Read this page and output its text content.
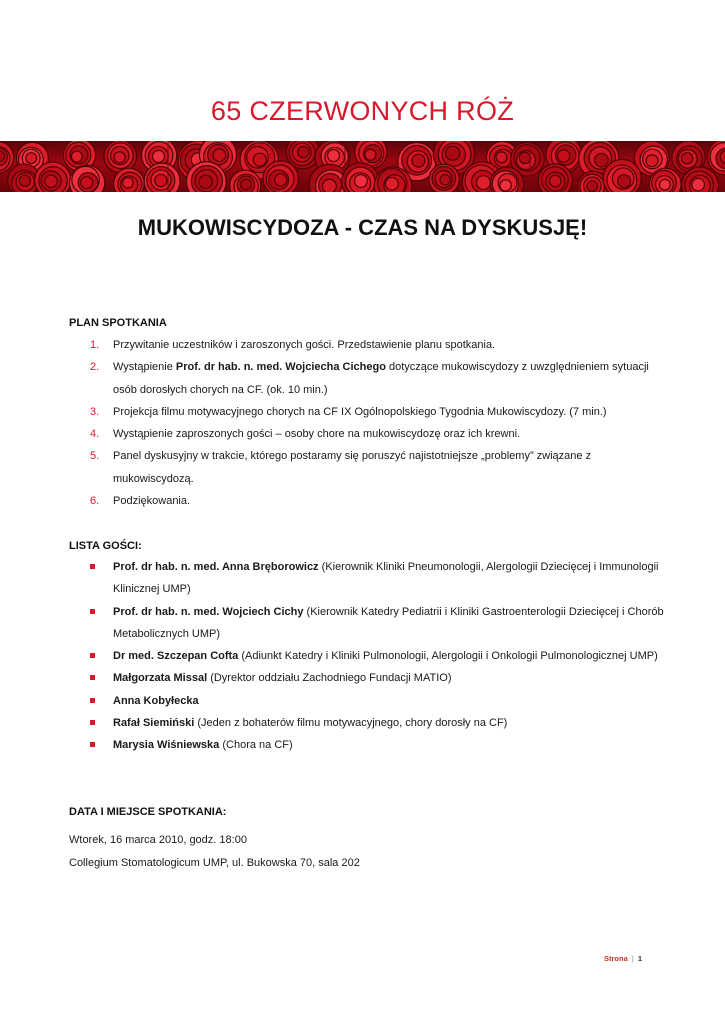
65 CZERWONYCH RÓŻ
MUKOWISCYDOZA - CZAS NA DYSKUSJĘ!

PLAN SPOTKANIA

1. Przywitanie uczestników i zaroszonych gości. Przedstawienie planu spotkania.
2. Wystąpienie Prof. dr hab. n. med. Wojciecha Cichego dotyczące mukowiscydozy z uwzględnieniem sytuacji osób dorosłych chorych na CF. (ok. 10 min.)
3. Projekcja filmu motywacyjnego chorych na CF IX Ogólnopolskiego Tygodnia Mukowiscydozy. (7 min.)
4. Wystąpienie zaproszonych gości – osoby chore na mukowiscydozę oraz ich krewni.
5. Panel dyskusyjny w trakcie, którego postaramy się poruszyć najistotniejsze „problemy” związane z mukowiscydozą.
6. Podziękowania.

LISTA GOŚCI:

Prof. dr hab. n. med. Anna Bręborowicz (Kierownik Kliniki Pneumonologii, Alergologii Dziecięcej i Immunologii Klinicznej UMP)
Prof. dr hab. n. med. Wojciech Cichy (Kierownik Katedry Pediatrii i Kliniki Gastroenterologii Dziecięcej i Chorób Metabolicznych UMP)
Dr med. Szczepan Cofta (Adiunkt Katedry i Kliniki Pulmonologii, Alergologii i Onkologii Pulmonologicznej UMP)
Małgorzata Missal (Dyrektor oddziału Zachodniego Fundacji MATIO)
Anna Kobyłecka
Rafał Siemiński (Jeden z bohaterów filmu motywacyjnego, chory dorosły na CF)
Marysia Wiśniewska (Chora na CF)

DATA I MIEJSCE SPOTKANIA:

Wtorek, 16 marca 2010, godz. 18:00

Collegium Stomatologicum UMP, ul. Bukowska 70, sala 202

Strona | 1
